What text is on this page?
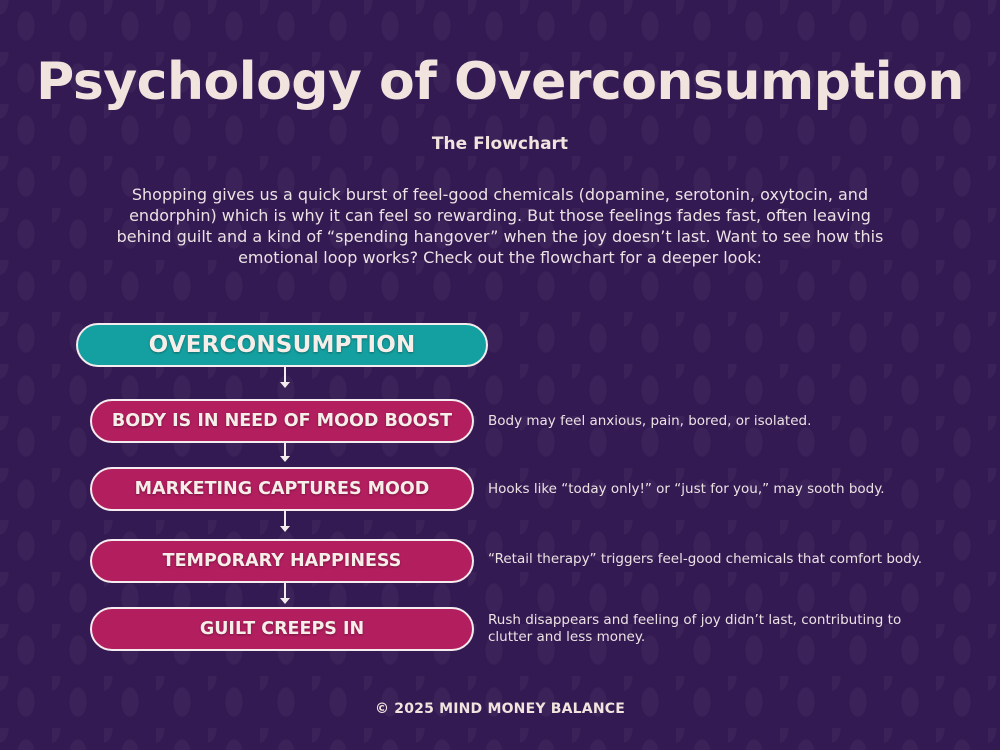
Psychology of Overconsumption
The Flowchart
Shopping gives us a quick burst of feel-good chemicals (dopamine, serotonin, oxytocin, and endorphin) which is why it can feel so rewarding. But those feelings fades fast, often leaving behind guilt and a kind of “spending hangover” when the joy doesn’t last. Want to see how this emotional loop works? Check out the flowchart for a deeper look:
OVERCONSUMPTION
BODY IS IN NEED OF MOOD BOOST	Body may feel anxious, pain, bored, or isolated.
MARKETING CAPTURES MOOD	Hooks like “today only!” or “just for you,” may sooth body.
TEMPORARY HAPPINESS	“Retail therapy” triggers feel-good chemicals that comfort body.
GUILT CREEPS IN	Rush disappears and feeling of joy didn’t last, contributing to clutter and less money.
© 2025 MIND MONEY BALANCE
